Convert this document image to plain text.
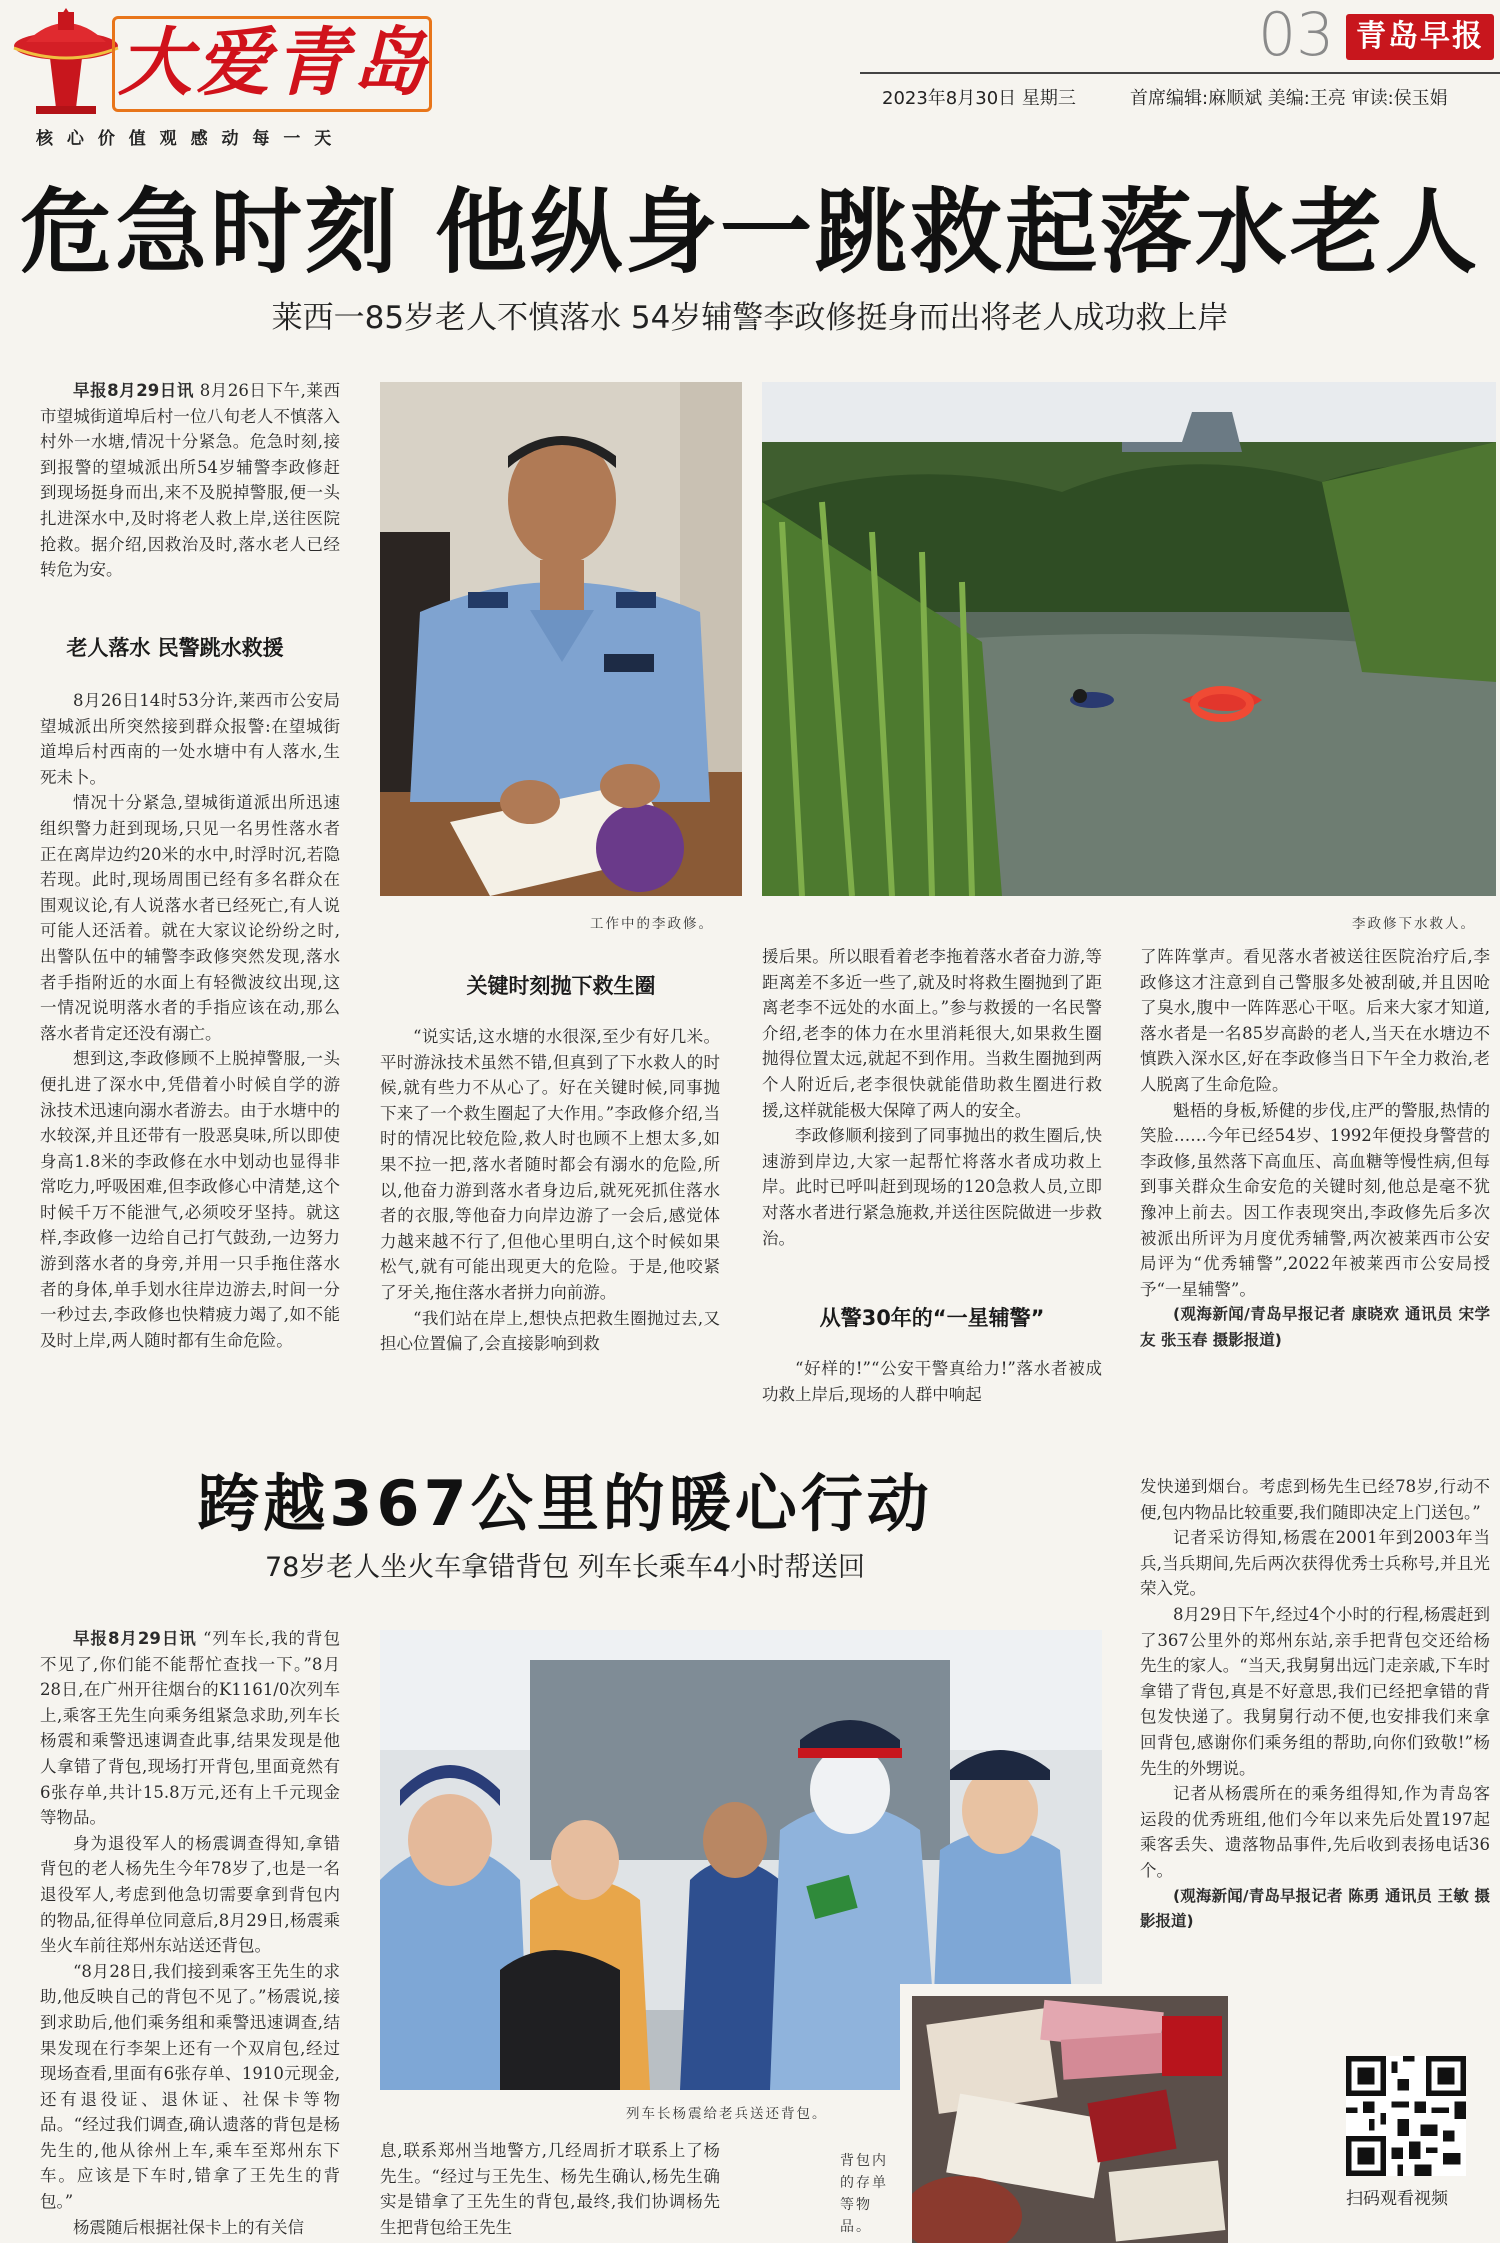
大爱青岛
核 心 价 值 观 感 动 每 一 天
03 青岛早报
2023年8月30日 星期三	首席编辑:麻顺斌 美编:王亮 审读:侯玉娟
危急时刻 他纵身一跳救起落水老人
莱西一85岁老人不慎落水 54岁辅警李政修挺身而出将老人成功救上岸

早报8月29日讯 8月26日下午,莱西市望城街道埠后村一位八旬老人不慎落入村外一水塘,情况十分紧急。危急时刻,接到报警的望城派出所54岁辅警李政修赶到现场挺身而出,来不及脱掉警服,便一头扎进深水中,及时将老人救上岸,送往医院抢救。据介绍,因救治及时,落水老人已经转危为安。

老人落水 民警跳水救援

8月26日14时53分许,莱西市公安局望城派出所突然接到群众报警:在望城街道埠后村西南的一处水塘中有人落水,生死未卜。

情况十分紧急,望城街道派出所迅速组织警力赶到现场,只见一名男性落水者正在离岸边约20米的水中,时浮时沉,若隐若现。此时,现场周围已经有多名群众在围观议论,有人说落水者已经死亡,有人说可能人还活着。就在大家议论纷纷之时,出警队伍中的辅警李政修突然发现,落水者手指附近的水面上有轻微波纹出现,这一情况说明落水者的手指应该在动,那么落水者肯定还没有溺亡。

想到这,李政修顾不上脱掉警服,一头便扎进了深水中,凭借着小时候自学的游泳技术迅速向溺水者游去。由于水塘中的水较深,并且还带有一股恶臭味,所以即使身高1.8米的李政修在水中划动也显得非常吃力,呼吸困难,但李政修心中清楚,这个时候千万不能泄气,必须咬牙坚持。就这样,李政修一边给自己打气鼓劲,一边努力游到落水者的身旁,并用一只手拖住落水者的身体,单手划水往岸边游去,时间一分一秒过去,李政修也快精疲力竭了,如不能及时上岸,两人随时都有生命危险。

工作中的李政修。	李政修下水救人。
关键时刻抛下救生圈

“说实话,这水塘的水很深,至少有好几米。平时游泳技术虽然不错,但真到了下水救人的时候,就有些力不从心了。好在关键时候,同事抛下来了一个救生圈起了大作用。”李政修介绍,当时的情况比较危险,救人时也顾不上想太多,如果不拉一把,落水者随时都会有溺水的危险,所以,他奋力游到落水者身边后,就死死抓住落水者的衣服,等他奋力向岸边游了一会后,感觉体力越来越不行了,但他心里明白,这个时候如果松气,就有可能出现更大的危险。于是,他咬紧了牙关,拖住落水者拼力向前游。

“我们站在岸上,想快点把救生圈抛过去,又担心位置偏了,会直接影响到救

援后果。所以眼看着老李拖着落水者奋力游,等距离差不多近一些了,就及时将救生圈抛到了距离老李不远处的水面上。”参与救援的一名民警介绍,老李的体力在水里消耗很大,如果救生圈抛得位置太远,就起不到作用。当救生圈抛到两个人附近后,老李很快就能借助救生圈进行救援,这样就能极大保障了两人的安全。

李政修顺利接到了同事抛出的救生圈后,快速游到岸边,大家一起帮忙将落水者成功救上岸。此时已呼叫赶到现场的120急救人员,立即对落水者进行紧急施救,并送往医院做进一步救治。

从警30年的“一星辅警”

“好样的!”“公安干警真给力!”落水者被成功救上岸后,现场的人群中响起

了阵阵掌声。看见落水者被送往医院治疗后,李政修这才注意到自己警服多处被刮破,并且因呛了臭水,腹中一阵阵恶心干呕。后来大家才知道,落水者是一名85岁高龄的老人,当天在水塘边不慎跌入深水区,好在李政修当日下午全力救治,老人脱离了生命危险。

魁梧的身板,矫健的步伐,庄严的警服,热情的笑脸……今年已经54岁、1992年便投身警营的李政修,虽然落下高血压、高血糖等慢性病,但每到事关群众生命安危的关键时刻,他总是毫不犹豫冲上前去。因工作表现突出,李政修先后多次被派出所评为月度优秀辅警,两次被莱西市公安局评为“优秀辅警”,2022年被莱西市公安局授予“一星辅警”。

(观海新闻/青岛早报记者 康晓欢 通讯员 宋学友 张玉春 摄影报道)

跨越367公里的暖心行动
78岁老人坐火车拿错背包 列车长乘车4小时帮送回

早报8月29日讯 “列车长,我的背包不见了,你们能不能帮忙查找一下。”8月28日,在广州开往烟台的K1161/0次列车上,乘客王先生向乘务组紧急求助,列车长杨震和乘警迅速调查此事,结果发现是他人拿错了背包,现场打开背包,里面竟然有6张存单,共计15.8万元,还有上千元现金等物品。

身为退役军人的杨震调查得知,拿错背包的老人杨先生今年78岁了,也是一名退役军人,考虑到他急切需要拿到背包内的物品,征得单位同意后,8月29日,杨震乘坐火车前往郑州东站送还背包。

“8月28日,我们接到乘客王先生的求助,他反映自己的背包不见了。”杨震说,接到求助后,他们乘务组和乘警迅速调查,结果发现在行李架上还有一个双肩包,经过现场查看,里面有6张存单、1910元现金,还有退役证、退休证、社保卡等物品。“经过我们调查,确认遗落的背包是杨先生的,他从徐州上车,乘车至郑州东下车。应该是下车时,错拿了王先生的背包。”

杨震随后根据社保卡上的有关信

列车长杨震给老兵送还背包。

息,联系郑州当地警方,几经周折才联系上了杨先生。“经过与王先生、杨先生确认,杨先生确实是错拿了王先生的背包,最终,我们协调杨先生把背包给王先生

背包内的存单等物品。

发快递到烟台。考虑到杨先生已经78岁,行动不便,包内物品比较重要,我们随即决定上门送包。”

记者采访得知,杨震在2001年到2003年当兵,当兵期间,先后两次获得优秀士兵称号,并且光荣入党。

8月29日下午,经过4个小时的行程,杨震赶到了367公里外的郑州东站,亲手把背包交还给杨先生的家人。“当天,我舅舅出远门走亲戚,下车时拿错了背包,真是不好意思,我们已经把拿错的背包发快递了。我舅舅行动不便,也安排我们来拿回背包,感谢你们乘务组的帮助,向你们致敬!”杨先生的外甥说。

记者从杨震所在的乘务组得知,作为青岛客运段的优秀班组,他们今年以来先后处置197起乘客丢失、遗落物品事件,先后收到表扬电话36个。

(观海新闻/青岛早报记者 陈勇 通讯员 王敏 摄影报道)

扫码观看视频
